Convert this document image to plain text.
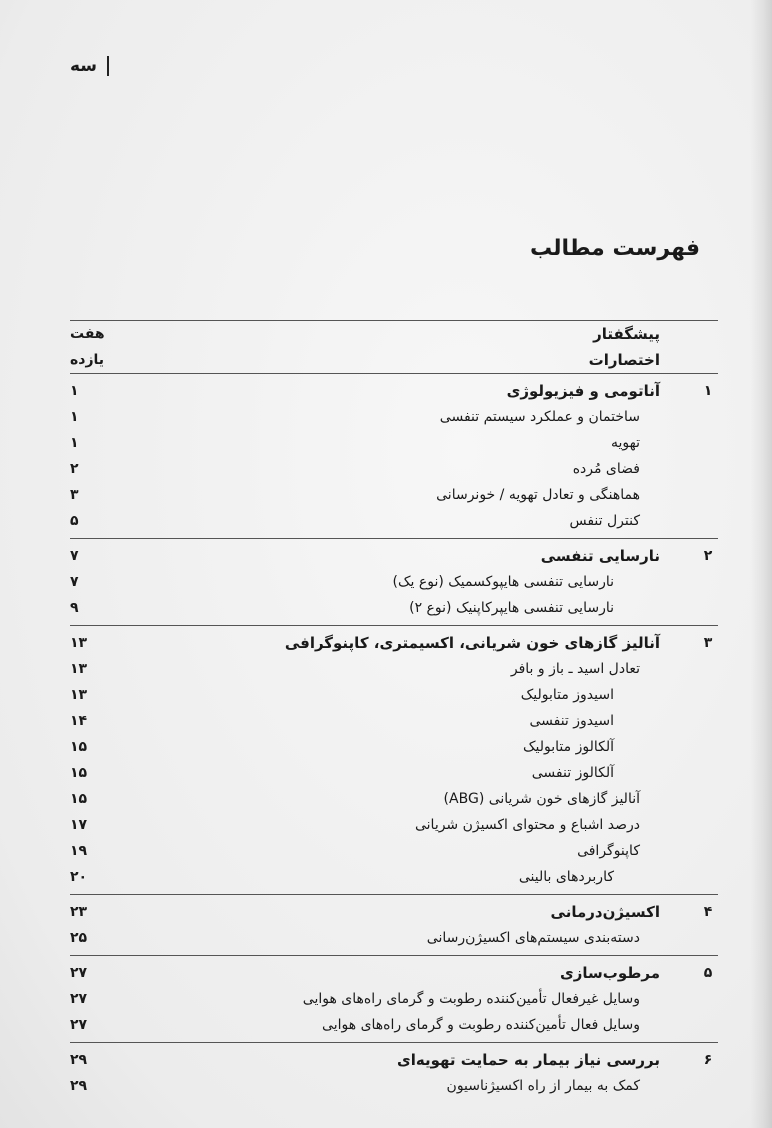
سه
فهرست مطالب
پیشگفتار
هفت
اختصارات
یازده
۱
آناتومی و فیزیولوژی
۱
ساختمان و عملکرد سیستم تنفسی
۱
تهویه
۱
فضای مُرده
۲
هماهنگی و تعادل تهویه / خونرسانی
۳
کنترل تنفس
۵
۲
نارسایی تنفسی
۷
نارسایی تنفسی هایپوکسمیک (نوع یک)
۷
نارسایی تنفسی هایپرکاپنیک (نوع ۲)
۹
۳
آنالیز گازهای خون شریانی، اکسیمتری، کاپنوگرافی
۱۳
تعادل اسید ـ باز و بافر
۱۳
اسیدوز متابولیک
۱۳
اسیدوز تنفسی
۱۴
آلکالوز متابولیک
۱۵
آلکالوز تنفسی
۱۵
آنالیز گازهای خون شریانی (ABG)
۱۵
درصد اشباع و محتوای اکسیژن شریانی
۱۷
کاپنوگرافی
۱۹
کاربردهای بالینی
۲۰
۴
اکسیژن‌درمانی
۲۳
دسته‌بندی سیستم‌های اکسیژن‌رسانی
۲۵
۵
مرطوب‌سازی
۲۷
وسایل غیرفعال تأمین‌کننده رطوبت و گرمای راه‌های هوایی
۲۷
وسایل فعال تأمین‌کننده رطوبت و گرمای راه‌های هوایی
۲۷
۶
بررسی نیاز بیمار به حمایت تهویه‌ای
۲۹
کمک به بیمار از راه اکسیژناسیون
۲۹
